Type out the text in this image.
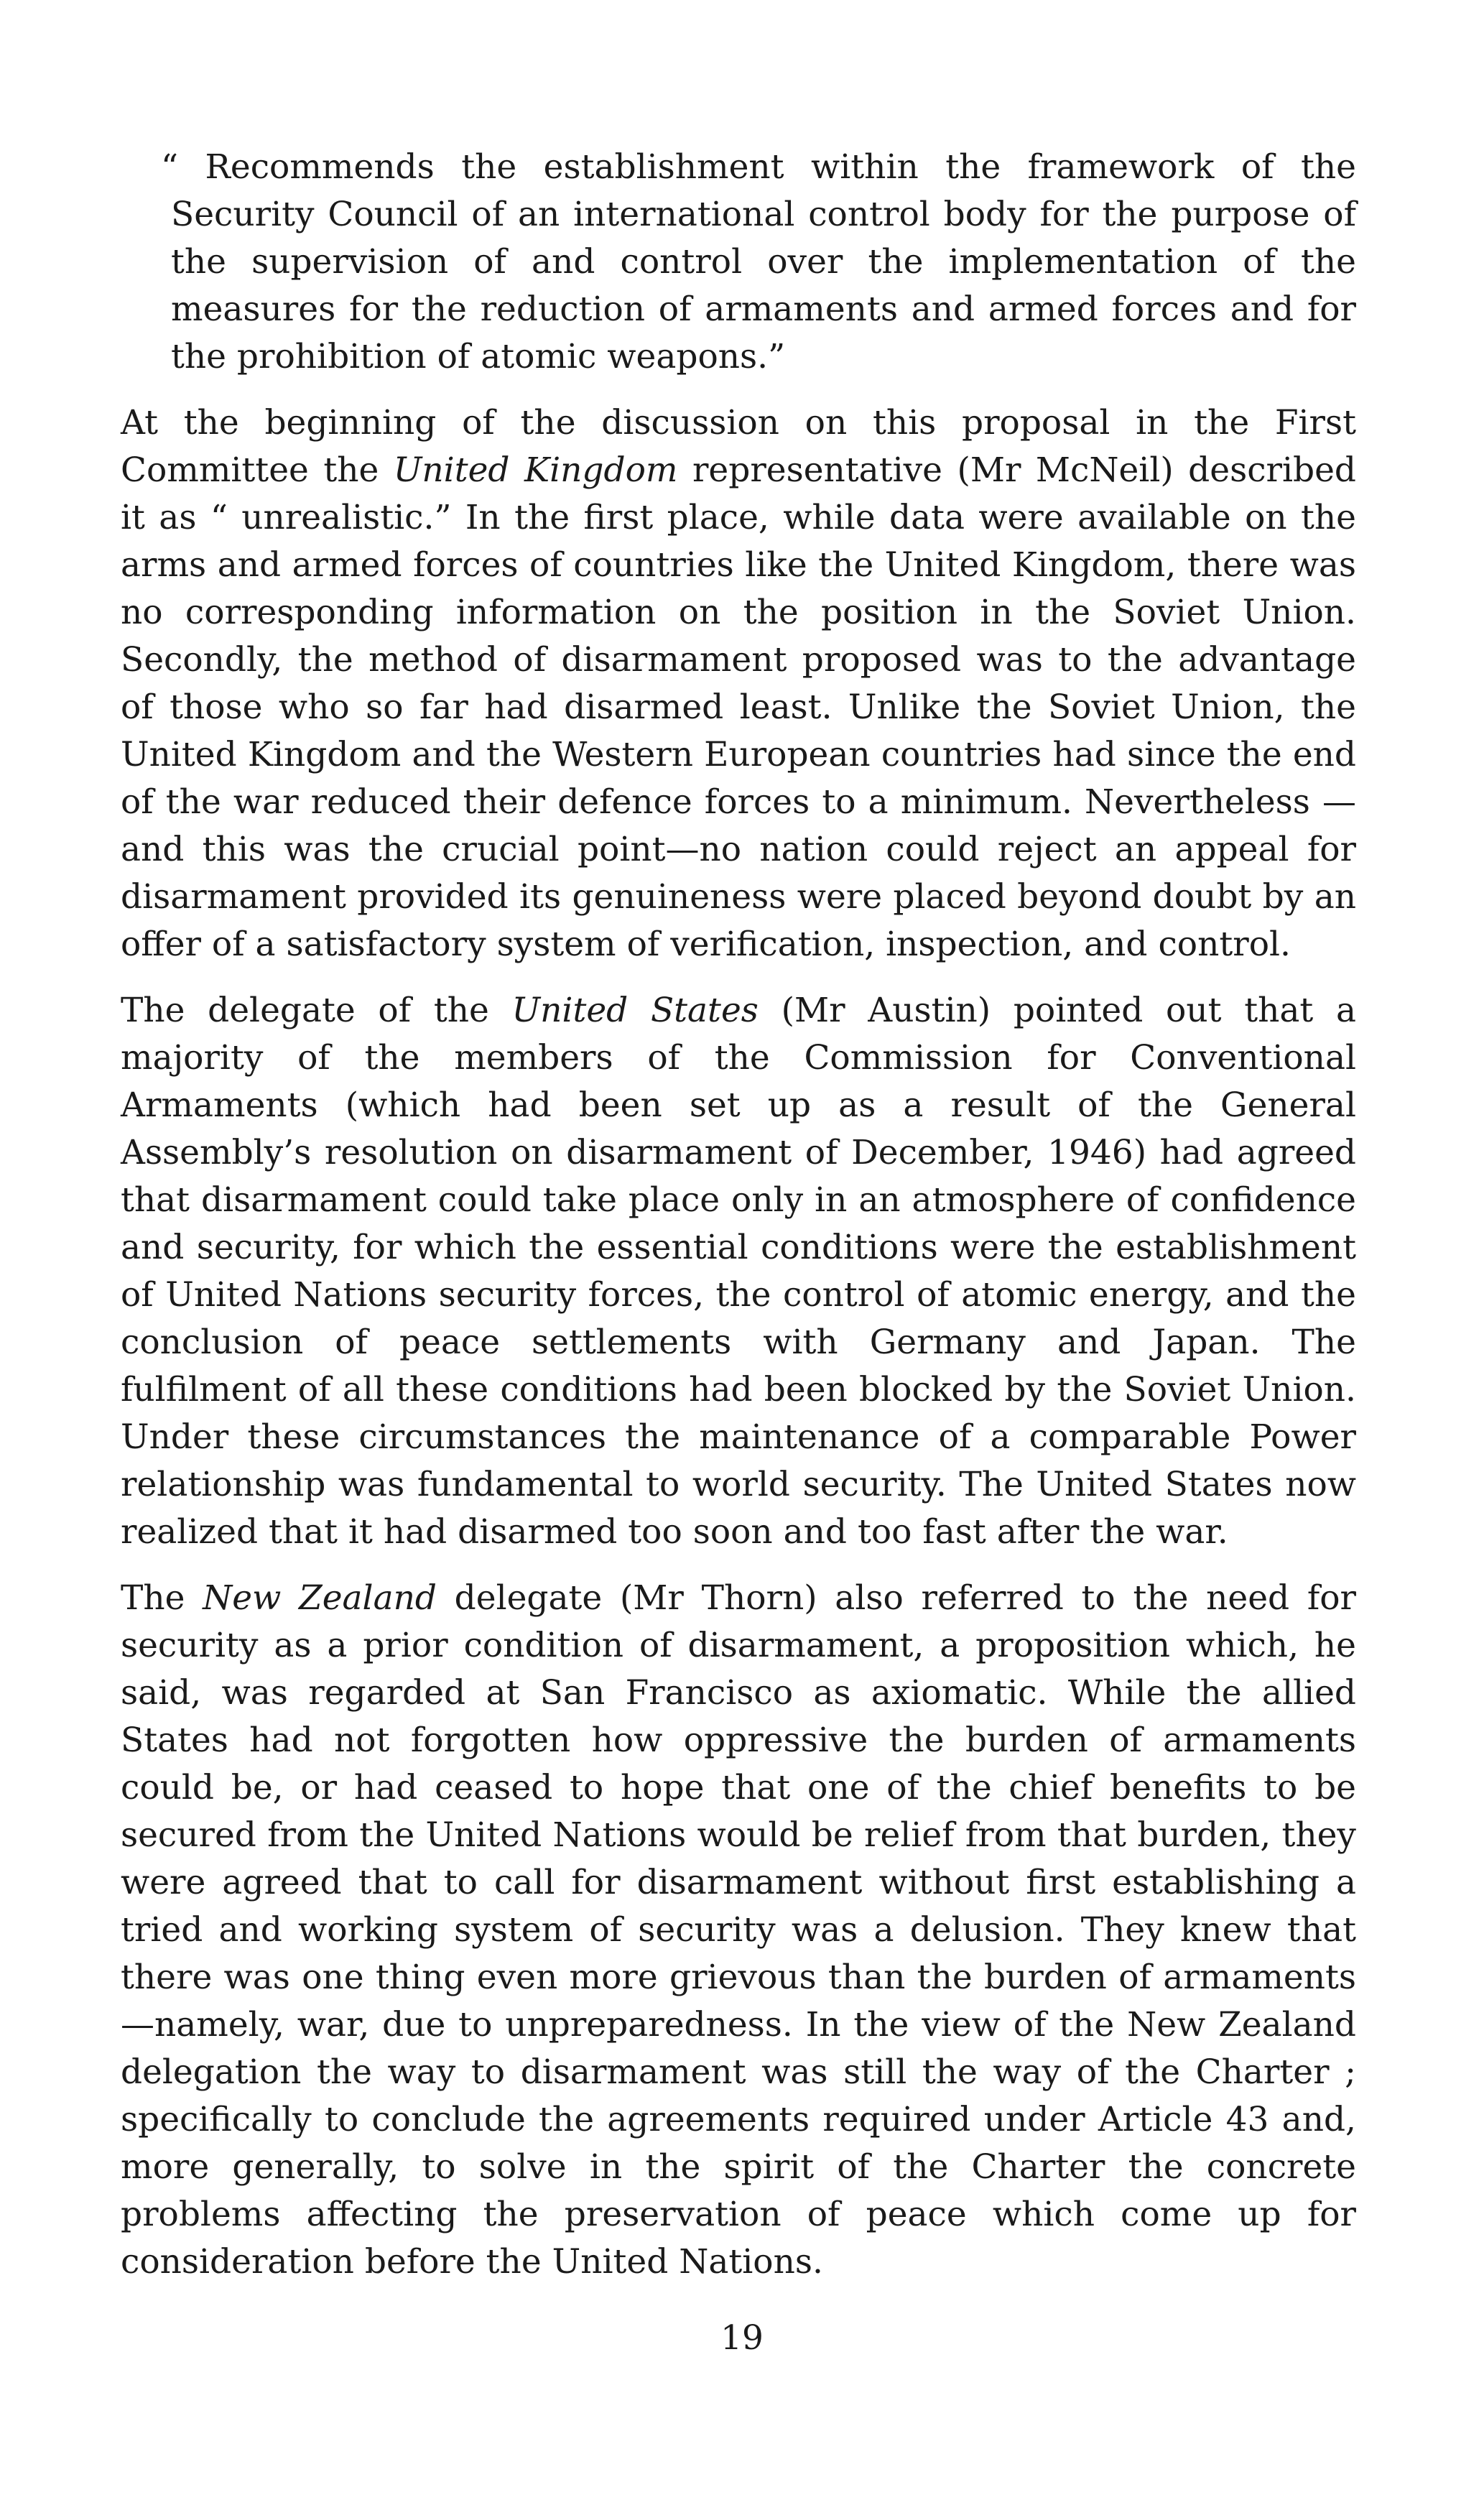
“ Recommends the establishment within the framework of the Security Council of an international control body for the purpose of the supervision of and control over the implementation of the measures for the reduction of armaments and armed forces and for the prohibition of atomic weapons.”

At the beginning of the discussion on this proposal in the First Committee the United Kingdom representative (Mr McNeil) described it as “ unrealistic.” In the first place, while data were available on the arms and armed forces of countries like the United Kingdom, there was no corresponding information on the position in the Soviet Union. Secondly, the method of disarmament proposed was to the advantage of those who so far had disarmed least. Unlike the Soviet Union, the United Kingdom and the Western European countries had since the end of the war reduced their defence forces to a minimum. Nevertheless —and this was the crucial point—no nation could reject an appeal for disarmament provided its genuineness were placed beyond doubt by an offer of a satisfactory system of verification, inspection, and control.

The delegate of the United States (Mr Austin) pointed out that a majority of the members of the Commission for Conventional Armaments (which had been set up as a result of the General Assembly’s resolution on disarmament of December, 1946) had agreed that disarmament could take place only in an atmosphere of confidence and security, for which the essential conditions were the establishment of United Nations security forces, the control of atomic energy, and the conclusion of peace settlements with Germany and Japan. The fulfilment of all these conditions had been blocked by the Soviet Union. Under these circumstances the maintenance of a comparable Power relationship was fundamental to world security. The United States now realized that it had disarmed too soon and too fast after the war.

The New Zealand delegate (Mr Thorn) also referred to the need for security as a prior condition of disarmament, a proposition which, he said, was regarded at San Francisco as axiomatic. While the allied States had not forgotten how oppressive the burden of armaments could be, or had ceased to hope that one of the chief benefits to be secured from the United Nations would be relief from that burden, they were agreed that to call for disarmament without first establishing a tried and working system of security was a delusion. They knew that there was one thing even more grievous than the burden of armaments—namely, war, due to unpreparedness. In the view of the New Zealand delegation the way to disarmament was still the way of the Charter ; specifically to conclude the agreements required under Article 43 and, more generally, to solve in the spirit of the Charter the concrete problems affecting the preservation of peace which come up for consideration before the United Nations.

19
